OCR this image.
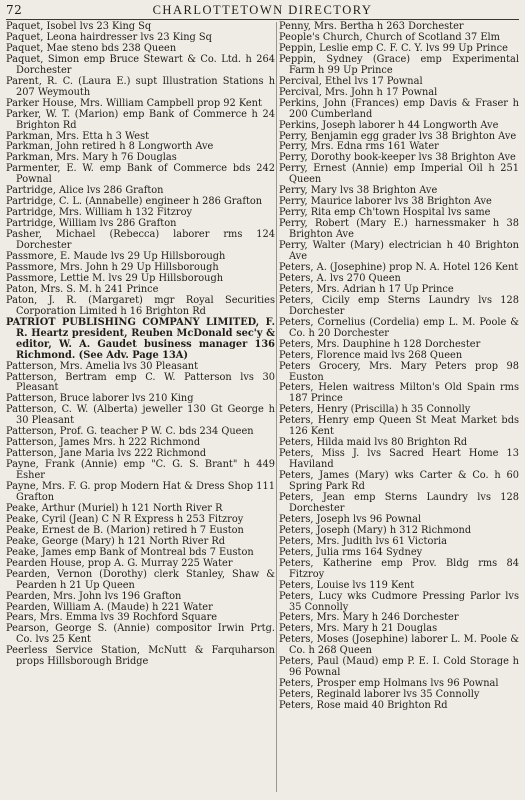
72	CHARLOTTETOWN DIRECTORY
Paquet, Isobel lvs 23 King Sq
Paquet, Leona hairdresser lvs 23 King Sq
Paquet, Mae steno bds 238 Queen
Paquet, Simon emp Bruce Stewart & Co. Ltd. h 264 Dorchester
Parent, R. C. (Laura E.) supt Illustration Stations h 207 Weymouth
Parker House, Mrs. William Campbell prop 92 Kent
Parker, W. T. (Marion) emp Bank of Commerce h 24 Brighton Rd
Parkman, Mrs. Etta h 3 West
Parkman, John retired h 8 Longworth Ave
Parkman, Mrs. Mary h 76 Douglas
Parmenter, E. W. emp Bank of Commerce bds 242 Pownal
Partridge, Alice lvs 286 Grafton
Partridge, C. L. (Annabelle) engineer h 286 Grafton
Partridge, Mrs. William h 132 Fitzroy
Partridge, William lvs 286 Grafton
Pasher, Michael (Rebecca) laborer rms 124 Dorchester
Passmore, E. Maude lvs 29 Up Hillsborough
Passmore, Mrs. John h 29 Up Hillsborough
Passmore, Lettie M. lvs 29 Up Hillsborough
Paton, Mrs. S. M. h 241 Prince
Paton, J. R. (Margaret) mgr Royal Securities Corporation Limited h 16 Brighton Rd
PATRIOT PUBLISHING COMPANY LIMITED, F. R. Heartz president, Reuben McDonald sec'y & editor, W. A. Gaudet business manager 136 Richmond. (See Adv. Page 13A)
Patterson, Mrs. Amelia lvs 30 Pleasant
Patterson, Bertram emp C. W. Patterson lvs 30 Pleasant
Patterson, Bruce laborer lvs 210 King
Patterson, C. W. (Alberta) jeweller 130 Gt George h 30 Pleasant
Patterson, Prof. G. teacher P W. C. bds 234 Queen
Patterson, James Mrs. h 222 Richmond
Patterson, Jane Maria lvs 222 Richmond
Payne, Frank (Annie) emp "C. G. S. Brant" h 449 Esher
Payne, Mrs. F. G. prop Modern Hat & Dress Shop 111 Grafton
Peake, Arthur (Muriel) h 121 North River R
Peake, Cyril (Jean) C N R Express h 253 Fitzroy
Peake, Ernest de B. (Marion) retired h 7 Euston
Peake, George (Mary) h 121 North River Rd
Peake, James emp Bank of Montreal bds 7 Euston
Pearden House, prop A. G. Murray 225 Water
Pearden, Vernon (Dorothy) clerk Stanley, Shaw & Pearden h 21 Up Queen
Pearden, Mrs. John lvs 196 Grafton
Pearden, William A. (Maude) h 221 Water
Pears, Mrs. Emma lvs 39 Rochford Square
Pearson, George S. (Annie) compositor Irwin Prtg. Co. lvs 25 Kent
Peerless Service Station, McNutt & Farquharson props Hillsborough Bridge
Penny, Mrs. Bertha h 263 Dorchester
People's Church, Church of Scotland 37 Elm
Peppin, Leslie emp C. F. C. Y. lvs 99 Up Prince
Peppin, Sydney (Grace) emp Experimental Farm h 99 Up Prince
Percival, Ethel lvs 17 Pownal
Percival, Mrs. John h 17 Pownal
Perkins, John (Frances) emp Davis & Fraser h 200 Cumberland
Perkins, Joseph laborer h 44 Longworth Ave
Perry, Benjamin egg grader lvs 38 Brighton Ave
Perry, Mrs. Edna rms 161 Water
Perry, Dorothy book-keeper lvs 38 Brighton Ave
Perry, Ernest (Annie) emp Imperial Oil h 251 Queen
Perry, Mary lvs 38 Brighton Ave
Perry, Maurice laborer lvs 38 Brighton Ave
Perry, Rita emp Ch'town Hospital lvs same
Perry, Robert (Mary E.) harnessmaker h 38 Brighton Ave
Perry, Walter (Mary) electrician h 40 Brighton Ave
Peters, A. (Josephine) prop N. A. Hotel 126 Kent
Peters, A. lvs 270 Queen
Peters, Mrs. Adrian h 17 Up Prince
Peters, Cicily emp Sterns Laundry lvs 128 Dorchester
Peters, Cornelius (Cordelia) emp L. M. Poole & Co. h 20 Dorchester
Peters, Mrs. Dauphine h 128 Dorchester
Peters, Florence maid lvs 268 Queen
Peters Grocery, Mrs. Mary Peters prop 98 Euston
Peters, Helen waitress Milton's Old Spain rms 187 Prince
Peters, Henry (Priscilla) h 35 Connolly
Peters, Henry emp Queen St Meat Market bds 126 Kent
Peters, Hilda maid lvs 80 Brighton Rd
Peters, Miss J. lvs Sacred Heart Home 13 Haviland
Peters, James (Mary) wks Carter & Co. h 60 Spring Park Rd
Peters, Jean emp Sterns Laundry lvs 128 Dorchester
Peters, Joseph lvs 96 Pownal
Peters, Joseph (Mary) h 312 Richmond
Peters, Mrs. Judith lvs 61 Victoria
Peters, Julia rms 164 Sydney
Peters, Katherine emp Prov. Bldg rms 84 Fitzroy
Peters, Louise lvs 119 Kent
Peters, Lucy wks Cudmore Pressing Parlor lvs 35 Connolly
Peters, Mrs. Mary h 246 Dorchester
Peters, Mrs. Mary h 21 Douglas
Peters, Moses (Josephine) laborer L. M. Poole & Co. h 268 Queen
Peters, Paul (Maud) emp P. E. I. Cold Storage h 96 Pownal
Peters, Prosper emp Holmans lvs 96 Pownal
Peters, Reginald laborer lvs 35 Connolly
Peters, Rose maid 40 Brighton Rd
